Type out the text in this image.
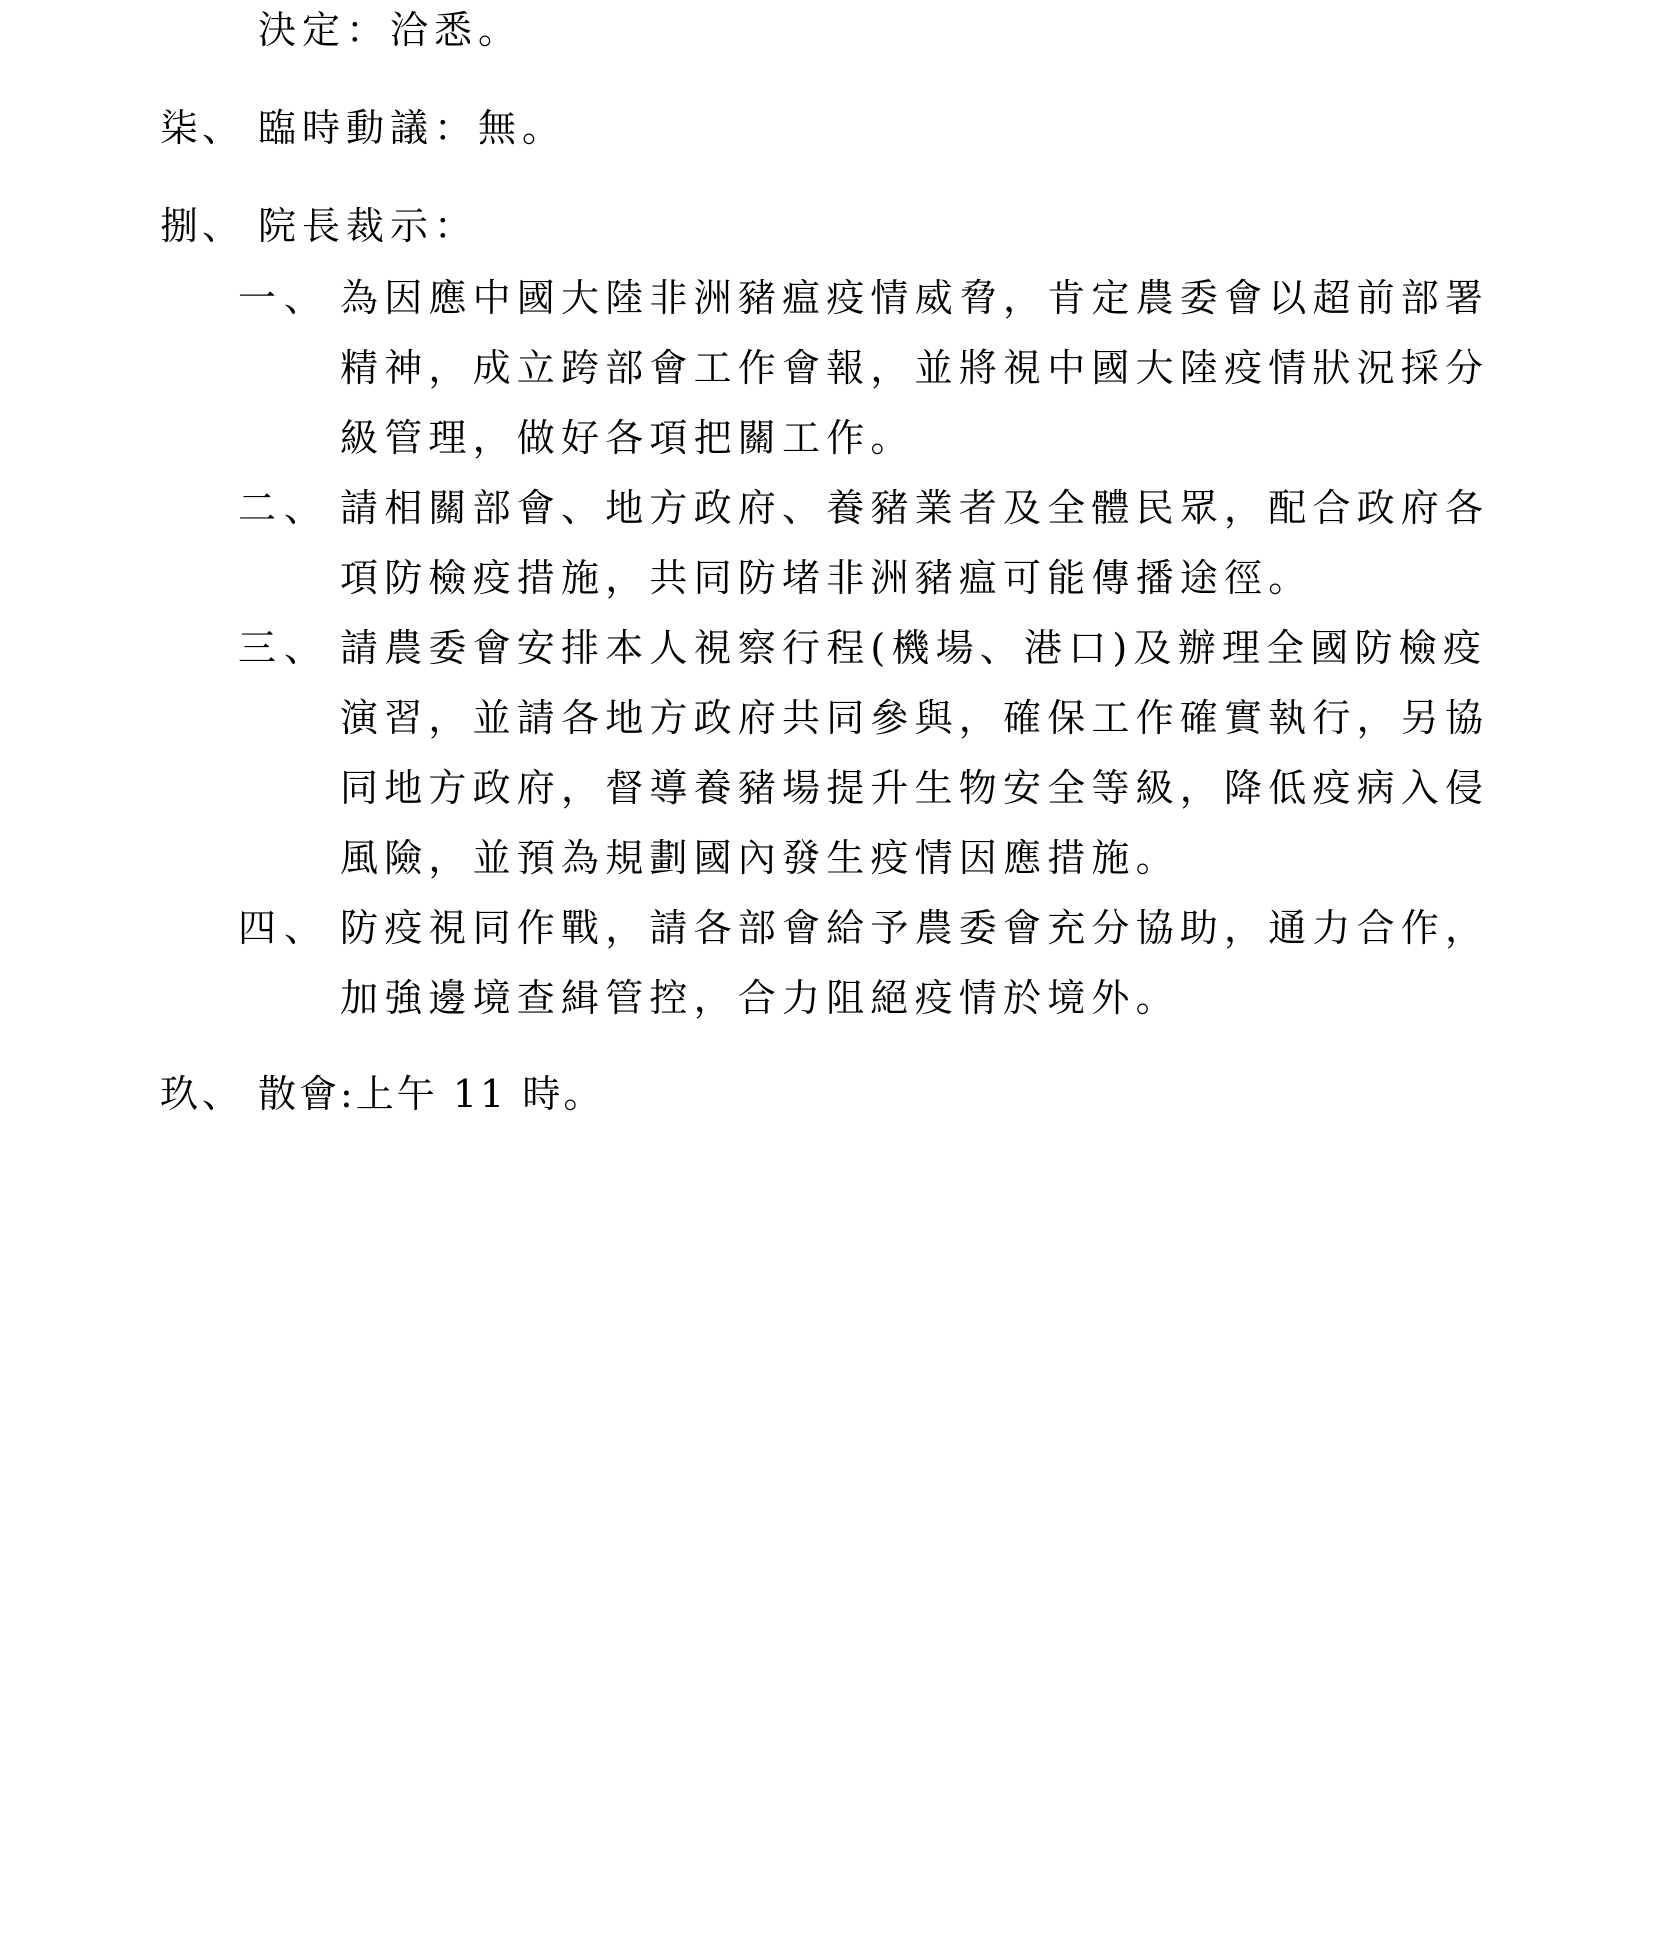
決定：洽悉。
柒、 臨時動議：無。
捌、 院長裁示：
一、 為因應中國大陸非洲豬瘟疫情威脅，肯定農委會以超前部署
精神，成立跨部會工作會報，並將視中國大陸疫情狀況採分
級管理，做好各項把關工作。
二、 請相關部會、地方政府、養豬業者及全體民眾，配合政府各
項防檢疫措施，共同防堵非洲豬瘟可能傳播途徑。
三、 請農委會安排本人視察行程(機場、港口)及辦理全國防檢疫
演習，並請各地方政府共同參與，確保工作確實執行，另協
同地方政府，督導養豬場提升生物安全等級，降低疫病入侵
風險，並預為規劃國內發生疫情因應措施。
四、 防疫視同作戰，請各部會給予農委會充分協助，通力合作，
加強邊境查緝管控，合力阻絕疫情於境外。
玖、 散會:上午 11 時。
